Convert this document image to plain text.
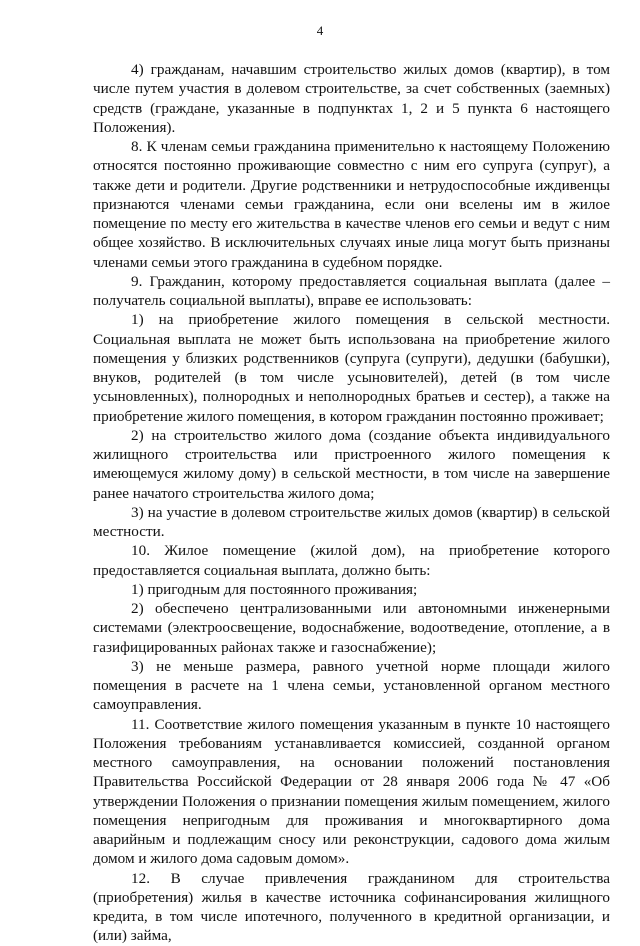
4

4) гражданам, начавшим строительство жилых домов (квартир), в том числе путем участия в долевом строительстве, за счет собственных (заемных) средств (граждане, указанные в подпунктах 1, 2 и 5 пункта 6 настоящего Положения).

8. К членам семьи гражданина применительно к настоящему Положению относятся постоянно проживающие совместно с ним его супруга (супруг), а также дети и родители. Другие родственники и нетрудоспособные иждивенцы признаются членами семьи гражданина, если они вселены им в жилое помещение по месту его жительства в качестве членов его семьи и ведут с ним общее хозяйство. В исключительных случаях иные лица могут быть признаны членами семьи этого гражданина в судебном порядке.

9. Гражданин, которому предоставляется социальная выплата (далее – получатель социальной выплаты), вправе ее использовать:

1) на приобретение жилого помещения в сельской местности. Социальная выплата не может быть использована на приобретение жилого помещения у близких родственников (супруга (супруги), дедушки (бабушки), внуков, родителей (в том числе усыновителей), детей (в том числе усыновленных), полнородных и неполнородных братьев и сестер), а также на приобретение жилого помещения, в котором гражданин постоянно проживает;

2) на строительство жилого дома (создание объекта индивидуального жилищного строительства или пристроенного жилого помещения к имеющемуся жилому дому) в сельской местности, в том числе на завершение ранее начатого строительства жилого дома;

3) на участие в долевом строительстве жилых домов (квартир) в сельской местности.

10. Жилое помещение (жилой дом), на приобретение которого предоставляется социальная выплата, должно быть:

1) пригодным для постоянного проживания;

2) обеспечено централизованными или автономными инженерными системами (электроосвещение, водоснабжение, водоотведение, отопление, а в газифицированных районах также и газоснабжение);

3) не меньше размера, равного учетной норме площади жилого помещения в расчете на 1 члена семьи, установленной органом местного самоуправления.

11. Соответствие жилого помещения указанным в пункте 10 настоящего Положения требованиям устанавливается комиссией, созданной органом местного самоуправления, на основании положений постановления Правительства Российской Федерации от 28 января 2006 года № 47 «Об утверждении Положения о признании помещения жилым помещением, жилого помещения непригодным для проживания и многоквартирного дома аварийным и подлежащим сносу или реконструкции, садового дома жилым домом и жилого дома садовым домом».

12. В случае привлечения гражданином для строительства (приобретения) жилья в качестве источника софинансирования жилищного кредита, в том числе ипотечного, полученного в кредитной организации, и (или) займа,
